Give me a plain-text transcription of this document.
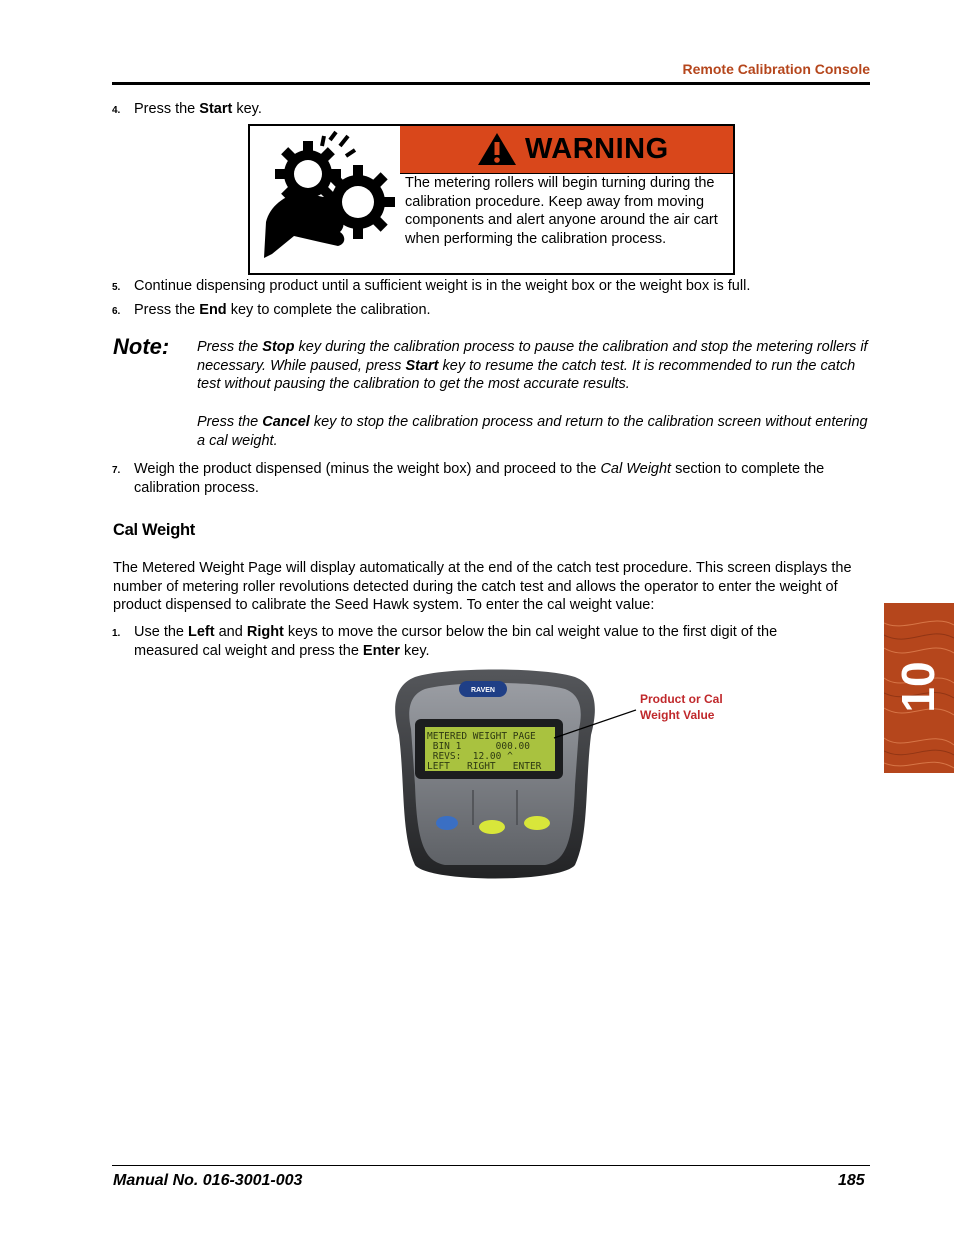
Remote Calibration Console
4. Press the Start key.
WARNING
The metering rollers will begin turning during the calibration procedure. Keep away from moving components and alert anyone around the air cart when performing the calibration process.
5. Continue dispensing product until a sufficient weight is in the weight box or the weight box is full.
6. Press the End key to complete the calibration.
Note: Press the Stop key during the calibration process to pause the calibration and stop the metering rollers if necessary. While paused, press Start key to resume the catch test. It is recommended to run the catch test without pausing the calibration to get the most accurate results.
Press the Cancel key to stop the calibration process and return to the calibration screen without entering a cal weight.
7. Weigh the product dispensed (minus the weight box) and proceed to the Cal Weight section to complete the calibration process.
Cal Weight
The Metered Weight Page will display automatically at the end of the catch test procedure. This screen displays the number of metering roller revolutions detected during the catch test and allows the operator to enter the weight of product dispensed to calibrate the Seed Hawk system. To enter the cal weight value:
1. Use the Left and Right keys to move the cursor below the bin cal weight value to the first digit of the measured cal weight and press the Enter key.
RAVEN
METERED WEIGHT PAGE
BIN 1      000.00
REVS:  12.00 ^
LEFT   RIGHT   ENTER
Product or Cal
Weight Value
10
Manual No. 016-3001-003	185
